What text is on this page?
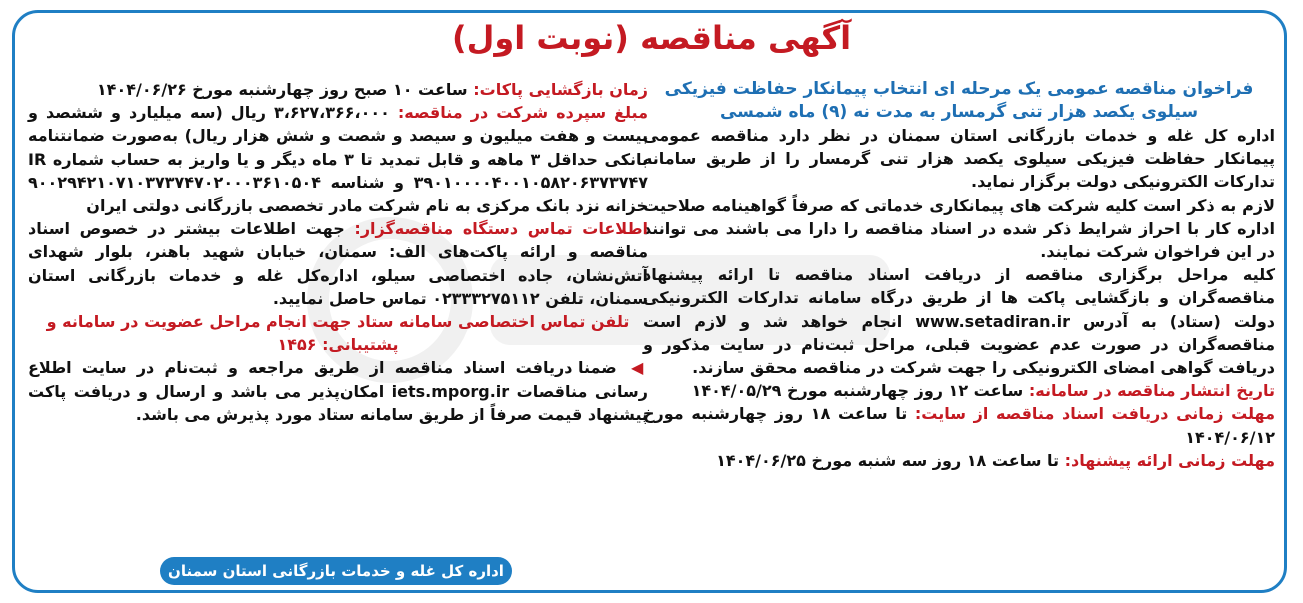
آگهی مناقصه (نوبت اول)

فراخوان مناقصه عمومی یک مرحله ای انتخاب پیمانکار حفاظت فیزیکی سیلوی یکصد هزار تنی گرمسار به مدت نه (۹) ماه شمسی

اداره کل غله و خدمات بازرگانی استان سمنان در نظر دارد مناقصه عمومی پیمانکار حفاظت فیزیکی سیلوی یکصد هزار تنی گرمسار را از طریق سامانه تدارکات الکترونیکی دولت برگزار نماید.

لازم به ذکر است کلیه شرکت های پیمانکاری خدماتی که صرفاً گواهینامه صلاحیت اداره کار با احراز شرایط ذکر شده در اسناد مناقصه را دارا می باشند می توانند در این فراخوان شرکت نمایند.

کلیه مراحل برگزاری مناقصه از دریافت اسناد مناقصه تا ارائه پیشنهاد مناقصه‌گران و بازگشایی پاکت ها از طریق درگاه سامانه تدارکات الکترونیکی دولت (ستاد) به آدرس www.setadiran.ir انجام خواهد شد و لازم است مناقصه‌گران در صورت عدم عضویت قبلی، مراحل ثبت‌نام در سایت مذکور و دریافت گواهی امضای الکترونیکی را جهت شرکت در مناقصه محقق سازند.

تاریخ انتشار مناقصه در سامانه: ساعت ۱۲ روز چهارشنبه مورخ ۱۴۰۴/۰۵/۲۹

مهلت زمانی دریافت اسناد مناقصه از سایت: تا ساعت ۱۸ روز چهارشنبه مورخ ۱۴۰۴/۰۶/۱۲

مهلت زمانی ارائه پیشنهاد: تا ساعت ۱۸ روز سه شنبه مورخ ۱۴۰۴/۰۶/۲۵

زمان بازگشایی پاکات: ساعت ۱۰ صبح روز چهارشنبه مورخ ۱۴۰۴/۰۶/۲۶

مبلغ سپرده شرکت در مناقصه: ۳،۶۲۷،۳۶۶،۰۰۰ ریال (سه میلیارد و ششصد و بیست و هفت میلیون و سیصد و شصت و شش هزار ریال) به‌صورت ضمانتنامه بانکی حداقل ۳ ماهه و قابل تمدید تا ۳ ماه دیگر و یا واریز به حساب شماره IR ۳۹۰۱۰۰۰۰۴۰۰۱۰۵۸۲۰۶۳۷۳۷۴۷ و شناسه ۹۰۰۲۹۴۲۱۰۷۱۰۳۷۳۷۴۷۰۲۰۰۰۳۶۱۰۵۰۴ خزانه نزد بانک مرکزی به نام شرکت مادر تخصصی بازرگانی دولتی ایران

اطلاعات تماس دستگاه مناقصه‌گزار: جهت اطلاعات بیشتر در خصوص اسناد مناقصه و ارائه پاکت‌های الف: سمنان، خیابان شهید باهنر، بلوار شهدای آتش‌نشان، جاده اختصاصی سیلو، اداره‌کل غله و خدمات بازرگانی استان سمنان، تلفن ۰۲۳۳۳۲۷۵۱۱۲ تماس حاصل نمایید.

تلفن تماس اختصاصی سامانه ستاد جهت انجام مراحل عضویت در سامانه و پشتیبانی: ۱۴۵۶

◀ ضمنا دریافت اسناد مناقصه از طریق مراجعه و ثبت‌نام در سایت اطلاع رسانی مناقصات iets.mporg.ir امکان‌پذیر می باشد و ارسال و دریافت پاکت پیشنهاد قیمت صرفاً از طریق سامانه ستاد مورد پذیرش می باشد.

اداره کل غله و خدمات بازرگانی استان سمنان
